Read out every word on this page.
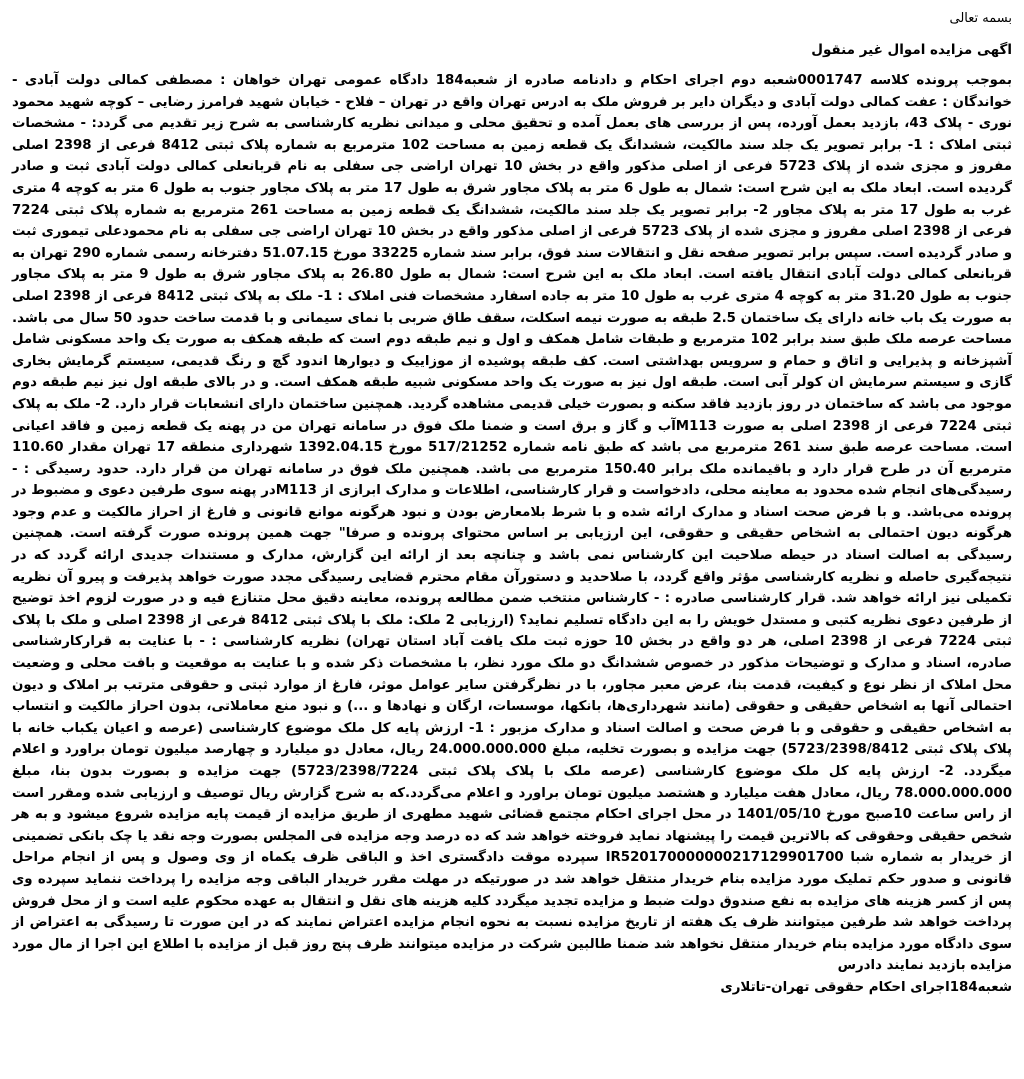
بسمه تعالی

اگهی مزایده اموال غیر منقول

بموجب پرونده کلاسه 0001747شعبه دوم اجرای احکام و دادنامه صادره از شعبه184 دادگاه عمومی تهران خواهان : مصطفی کمالی دولت آبادی - خواندگان : عفت کمالی دولت آبادی و دیگران دایر بر فروش ملک به ادرس تهران واقع در تهران – فلاح - خیابان شهید فرامرز رضایی – کوچه شهید محمود نوری - پلاک 43، بازدید بعمل آورده، پس از بررسی های بعمل آمده و تحقیق محلی و میدانی نظریه کارشناسی به شرح زیر تقدیم می گردد: - مشخصات ثبتی املاک : 1- برابر تصویر یک جلد سند مالکیت، ششدانگ یک قطعه زمین به مساحت 102 مترمربع به شماره پلاک ثبتی 8412 فرعی از 2398 اصلی مفروز و مجزی شده از پلاک 5723 فرعی از اصلی مذکور واقع در بخش 10 تهران اراضی جی سفلی به نام قربانعلی کمالی دولت آبادی ثبت و صادر گردیده است. ابعاد ملک به این شرح است: شمال به طول 6 متر به پلاک مجاور شرق به طول 17 متر به پلاک مجاور جنوب به طول 6 متر به کوچه 4 متری غرب به طول 17 متر به پلاک مجاور 2- برابر تصویر یک جلد سند مالکیت، ششدانگ یک قطعه زمین به مساحت 261 مترمربع به شماره پلاک ثبتی 7224 فرعی از 2398 اصلی مفروز و مجزی شده از پلاک 5723 فرعی از اصلی مذکور واقع در بخش 10 تهران اراضی جی سفلی به نام محمودعلی تیموری ثبت و صادر گردیده است. سپس برابر تصویر صفحه نقل و انتقالات سند فوق، برابر سند شماره 33225 مورخ 51.07.15 دفترخانه رسمی شماره 290 تهران به قربانعلی کمالی دولت آبادی انتقال یافته است. ابعاد ملک به این شرح است: شمال به طول 26.80 به پلاک مجاور شرق به طول 9 متر به پلاک مجاور جنوب به طول 31.20 متر به کوچه 4 متری غرب به طول 10 متر به جاده اسفارد مشخصات فنی املاک : 1- ملک به پلاک ثبتی 8412 فرعی از 2398 اصلی به صورت یک باب خانه دارای یک ساختمان 2.5 طبقه به صورت نیمه اسکلت، سقف طاق ضربی با نمای سیمانی و با قدمت ساخت حدود 50 سال می باشد. مساحت عرصه ملک طبق سند برابر 102 مترمربع و طبقات شامل همکف و اول و نیم طبقه دوم است که طبقه همکف به صورت یک واحد مسکونی شامل آشپزخانه و پذیرایی و اتاق و حمام و سرویس بهداشتی است. کف طبقه پوشیده از موزاییک و دیوارها اندود گچ و رنگ قدیمی، سیستم گرمایش بخاری گازی و سیستم سرمایش ان کولر آبی است. طبقه اول نیز به صورت یک واحد مسکونی شبیه طبقه همکف است. و در بالای طبقه اول نیز نیم طبقه دوم موجود می باشد که ساختمان در روز بازدید فاقد سکنه و بصورت خیلی قدیمی مشاهده گردید. همچنین ساختمان دارای انشعابات قرار دارد. 2- ملک به پلاک ثبتی 7224 فرعی از 2398 اصلی به صورت M113آب و گاز و برق است و ضمنا ملک فوق در سامانه تهران من در پهنه یک قطعه زمین و فاقد اعیانی است. مساحت عرصه طبق سند 261 مترمربع می باشد که طبق نامه شماره 517/21252 مورخ 1392.04.15 شهرداری منطقه 17 تهران مقدار 110.60 مترمربع آن در طرح قرار دارد و باقیمانده ملک برابر 150.40 مترمربع می باشد. همچنین ملک فوق در سامانه تهران من قرار دارد. حدود رسیدگی : - رسیدگی‌های انجام شده محدود به معاینه محلی، دادخواست و قرار کارشناسی، اطلاعات و مدارک ابرازی از M113در پهنه سوی طرفین دعوی و مضبوط در پرونده می‌باشد. و با فرض صحت اسناد و مدارک ارائه شده و با شرط بلامعارض بودن و نبود هرگونه موانع قانونی و فارغ از احراز مالکیت و عدم وجود هرگونه دیون احتمالی به اشخاص حقیقی و حقوقی، این ارزیابی بر اساس محتوای پرونده و صرفا" جهت همین پرونده صورت گرفته است. همچنین رسیدگی به اصالت اسناد در حیطه صلاحیت این کارشناس نمی باشد و چنانچه بعد از ارائه این گزارش، مدارک و مستندات جدیدی ارائه گردد که در نتیجه‌گیری حاصله و نظریه کارشناسی مؤثر واقع گردد، با صلاحدید و دستورآن مقام محترم قضایی رسیدگی مجدد صورت خواهد پذیرفت و پیرو آن نظریه تکمیلی نیز ارائه خواهد شد. قرار کارشناسی صادره : - کارشناس منتخب ضمن مطالعه پرونده، معاینه دقیق محل متنازع فیه و در صورت لزوم اخذ توضیح از طرفین دعوی نظریه کتبی و مستدل خویش را به این دادگاه تسلیم نماید؟ (ارزیابی 2 ملک: ملک با پلاک ثبتی 8412 فرعی از 2398 اصلی و ملک با پلاک ثبتی 7224 فرعی از 2398 اصلی، هر دو واقع در بخش 10 حوزه ثبت ملک یافت آباد استان تهران) نظریه کارشناسی : - با عنایت به قرارکارشناسی صادره، اسناد و مدارک و توضیحات مذکور در خصوص ششدانگ دو ملک مورد نظر، با مشخصات ذکر شده و با عنایت به موقعیت و بافت محلی و وضعیت محل املاک از نظر نوع و کیفیت، قدمت بنا، عرض معبر مجاور، با در نظرگرفتن سایر عوامل موثر، فارغ از موارد ثبتی و حقوقی مترتب بر املاک و دیون احتمالی آنها به اشخاص حقیقی و حقوقی (مانند شهرداری‌ها، بانکها، موسسات، ارگان و نهادها و ...) و نبود منع معاملاتی، بدون احراز مالکیت و انتساب به اشخاص حقیقی و حقوقی و با فرض صحت و اصالت اسناد و مدارک مزبور : 1- ارزش پایه کل ملک موضوع کارشناسی (عرصه و اعیان یکباب خانه با پلاک پلاک ثبتی 5723/2398/8412) جهت مزایده و بصورت تخلیه، مبلغ 24.000.000.000 ریال، معادل دو میلیارد و چهارصد میلیون تومان براورد و اعلام میگردد. 2- ارزش پایه کل ملک موضوع کارشناسی (عرصه ملک با پلاک پلاک ثبتی 5723/2398/7224) جهت مزایده و بصورت بدون بنا، مبلغ 78.000.000.000 ریال، معادل هفت میلیارد و هشتصد میلیون تومان براورد و اعلام می‌گردد.که به شرح گزارش ریال توصیف و ارزیابی شده ومقرر است از راس ساعت 10صبح مورخ 1401/05/10 در محل اجرای احکام مجتمع قضائی شهید مطهری از طریق مزایده از قیمت پایه مزایده شروع میشود و به هر شخص حقیقی وحقوقی که بالاترین قیمت را پیشنهاد نماید فروخته خواهد شد که ده درصد وجه مزایده فی المجلس بصورت وجه نقد یا چک بانکی تضمینی از خریدار به شماره شبا IR520170000000217129901700 سپرده موقت دادگستری اخذ و الباقی ظرف یکماه از وی وصول و پس از انجام مراحل قانونی و صدور حکم تملیک مورد مزایده بنام خریدار منتقل خواهد شد در صورتیکه در مهلت مقرر خریدار الباقی وجه مزایده را پرداخت ننماید سپرده وی پس از کسر هزینه های مزایده به نفع صندوق دولت ضبط و مزایده تجدید میگردد کلیه هزینه های نقل و انتقال به عهده محکوم علیه است و از محل فروش پرداخت خواهد شد طرفین میتوانند ظرف یک هفته از تاریخ مزایده نسبت به نحوه انجام مزایده اعتراض نمایند که در این صورت تا رسیدگی به اعتراض از سوی دادگاه مورد مزایده بنام خریدار منتقل نخواهد شد ضمنا طالبین شرکت در مزایده میتوانند ظرف پنج روز قبل از مزایده با اطلاع این اجرا از مال مورد مزایده بازدید نمایند دادرس

شعبه184اجرای احکام حقوقی تهران-تاتلاری
